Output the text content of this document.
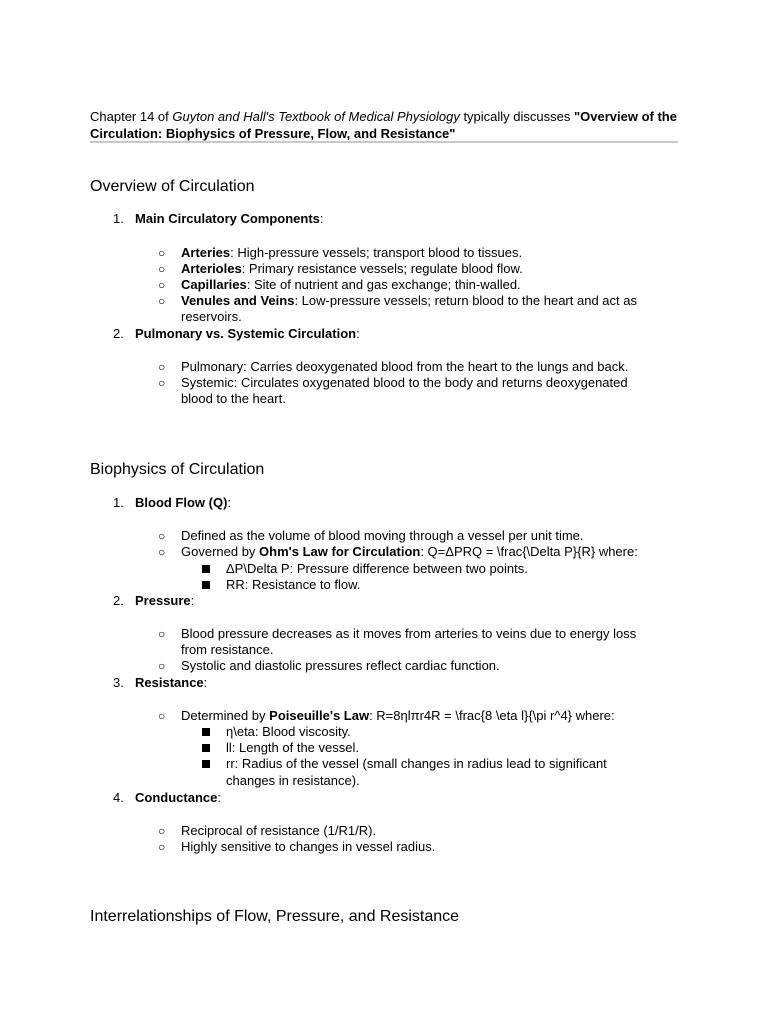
Chapter 14 of Guyton and Hall's Textbook of Medical Physiology typically discusses "Overview of the Circulation: Biophysics of Pressure, Flow, and Resistance"
Overview of Circulation
1. Main Circulatory Components:
○ Arteries: High-pressure vessels; transport blood to tissues.
○ Arterioles: Primary resistance vessels; regulate blood flow.
○ Capillaries: Site of nutrient and gas exchange; thin-walled.
○ Venules and Veins: Low-pressure vessels; return blood to the heart and act as
reservoirs.
2. Pulmonary vs. Systemic Circulation:
○ Pulmonary: Carries deoxygenated blood from the heart to the lungs and back.
○ Systemic: Circulates oxygenated blood to the body and returns deoxygenated
blood to the heart.
Biophysics of Circulation
1. Blood Flow (Q):
○ Defined as the volume of blood moving through a vessel per unit time.
○ Governed by Ohm's Law for Circulation: Q=ΔPRQ = \frac{\Delta P}{R} where:
ΔP\Delta P: Pressure difference between two points.
RR: Resistance to flow.
2. Pressure:
○ Blood pressure decreases as it moves from arteries to veins due to energy loss
from resistance.
○ Systolic and diastolic pressures reflect cardiac function.
3. Resistance:
○ Determined by Poiseuille's Law: R=8ηlπr4R = \frac{8 \eta l}{\pi r^4} where:
η\eta: Blood viscosity.
ll: Length of the vessel.
rr: Radius of the vessel (small changes in radius lead to significant
changes in resistance).
4. Conductance:
○ Reciprocal of resistance (1/R1/R).
○ Highly sensitive to changes in vessel radius.
Interrelationships of Flow, Pressure, and Resistance
